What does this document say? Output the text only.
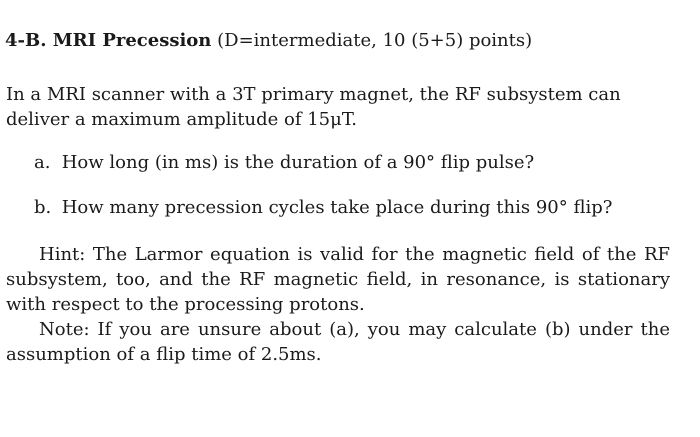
4-B. MRI Precession (D=intermediate, 10 (5+5) points)
In a MRI scanner with a 3T primary magnet, the RF subsystem can deliver a maximum amplitude of 15μT.
a. How long (in ms) is the duration of a 90° flip pulse?
b. How many precession cycles take place during this 90° flip?
Hint: The Larmor equation is valid for the magnetic field of the RF subsystem, too, and the RF magnetic field, in resonance, is stationary with respect to the processing protons.
Note: If you are unsure about (a), you may calculate (b) under the assumption of a flip time of 2.5ms.
